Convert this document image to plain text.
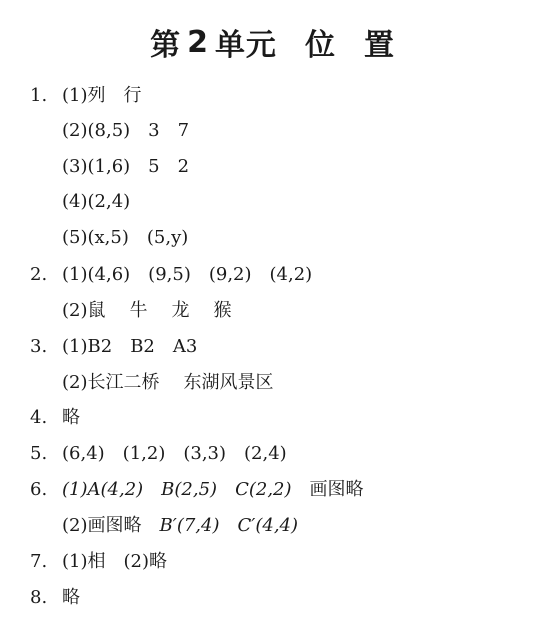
第 2 单元 位 置
1. (1)列 行
(2)(8,5) 3 7
(3)(1,6) 5 2
(4)(2,4)
(5)(x,5) (5,y)
2. (1)(4,6) (9,5) (9,2) (4,2)
(2)鼠 牛 龙 猴
3. (1)B2 B2 A3
(2)长江二桥 东湖风景区
4. 略
5. (6,4) (1,2) (3,3) (2,4)
6. (1)A(4,2) B(2,5) C(2,2) 画图略
(2)画图略 B′(7,4) C′(4,4)
7. (1)相 (2)略
8. 略
